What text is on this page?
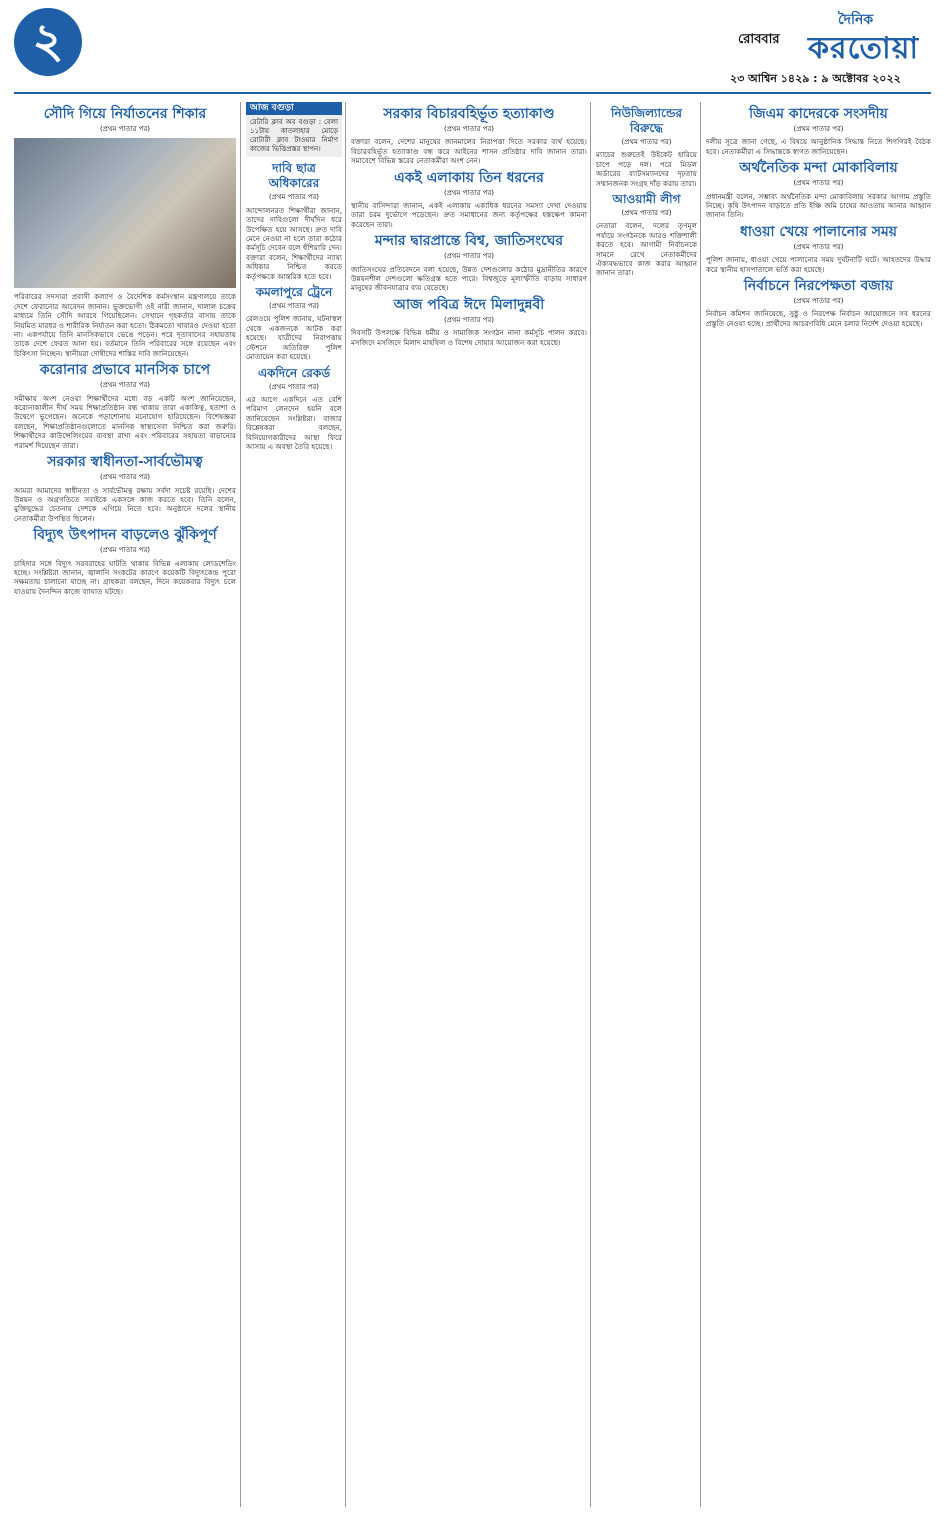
২	রোববার
দৈনিক
করতোয়া
২৩ আশ্বিন ১৪২৯ : ৯ অক্টোবর ২০২২
সৌদি গিয়ে নির্যাতনের শিকার
(প্রথম পাতার পর)

পরিবারের সদস্যরা প্রবাসী কল্যাণ ও বৈদেশিক কর্মসংস্থান মন্ত্রণালয়ে তাকে দেশে ফেরানোর আবেদন জানান। ভুক্তভোগী ওই নারী জানান, দালাল চক্রের মাধ্যমে তিনি সৌদি আরবে গিয়েছিলেন। সেখানে গৃহকর্তার বাসায় তাকে নিয়মিত মারধর ও শারীরিক নির্যাতন করা হতো। ঠিকমতো খাবারও দেওয়া হতো না। একপর্যায়ে তিনি মানসিকভাবে ভেঙে পড়েন। পরে দূতাবাসের সহায়তায় তাকে দেশে ফেরত আনা হয়। বর্তমানে তিনি পরিবারের সঙ্গে রয়েছেন এবং চিকিৎসা নিচ্ছেন। স্থানীয়রা দোষীদের শাস্তির দাবি জানিয়েছেন।

করোনার প্রভাবে মানসিক চাপে
(প্রথম পাতার পর)

সমীক্ষায় অংশ নেওয়া শিক্ষার্থীদের মধ্যে বড় একটি অংশ জানিয়েছেন, করোনাকালীন দীর্ঘ সময় শিক্ষাপ্রতিষ্ঠান বন্ধ থাকায় তারা একাকিত্ব, হতাশা ও উদ্বেগে ভুগেছেন। অনেকে পড়াশোনায় মনোযোগ হারিয়েছেন। বিশেষজ্ঞরা বলছেন, শিক্ষাপ্রতিষ্ঠানগুলোতে মানসিক স্বাস্থ্যসেবা নিশ্চিত করা জরুরি। শিক্ষার্থীদের কাউন্সেলিংয়ের ব্যবস্থা রাখা এবং পরিবারের সহায়তা বাড়ানোর পরামর্শ দিয়েছেন তারা।

সরকার স্বাধীনতা-সার্বভৌমত্ব
(প্রথম পাতার পর)

আমরা আমাদের স্বাধীনতা ও সার্বভৌমত্ব রক্ষায় সর্বদা সচেষ্ট রয়েছি। দেশের উন্নয়ন ও অগ্রগতিতে সবাইকে একসঙ্গে কাজ করতে হবে। তিনি বলেন, মুক্তিযুদ্ধের চেতনায় দেশকে এগিয়ে নিতে হবে। অনুষ্ঠানে দলের স্থানীয় নেতাকর্মীরা উপস্থিত ছিলেন।

বিদ্যুৎ উৎপাদন বাড়লেও ঝুঁকিপূর্ণ
(প্রথম পাতার পর)

চাহিদার সঙ্গে বিদ্যুৎ সরবরাহের ঘাটতি থাকায় বিভিন্ন এলাকায় লোডশেডিং হচ্ছে। সংশ্লিষ্টরা জানান, জ্বালানি সংকটের কারণে কয়েকটি বিদ্যুৎকেন্দ্র পুরো সক্ষমতায় চালানো যাচ্ছে না। গ্রাহকরা বলছেন, দিনে কয়েকবার বিদ্যুৎ চলে যাওয়ায় দৈনন্দিন কাজে ব্যাঘাত ঘটছে।

আজ বগুড়া
রেটারি ক্লাব অব বগুড়া : বেলা ১১টায় কাতলাহার মোড়ে রোটারী ক্লাব টাওয়ার নির্মাণ কাজের ভিত্তিপ্রস্তর স্থাপন।
দাবি ছাত্র অধিকারের
(প্রথম পাতার পর)

আন্দোলনরত শিক্ষার্থীরা জানান, তাদের দাবিগুলো দীর্ঘদিন ধরে উপেক্ষিত হয়ে আসছে। দ্রুত দাবি মেনে নেওয়া না হলে তারা কঠোর কর্মসূচি দেবেন বলে হুঁশিয়ারি দেন। বক্তারা বলেন, শিক্ষার্থীদের ন্যায্য অধিকার নিশ্চিত করতে কর্তৃপক্ষকে আন্তরিক হতে হবে।

কমলাপুরে ট্রেনে
(প্রথম পাতার পর)

রেলওয়ে পুলিশ জানায়, ঘটনাস্থল থেকে একজনকে আটক করা হয়েছে। যাত্রীদের নিরাপত্তায় স্টেশনে অতিরিক্ত পুলিশ মোতায়েন করা হয়েছে।

একদিনে রেকর্ড
(প্রথম পাতার পর)

এর আগে একদিনে এত বেশি পরিমাণ লেনদেন হয়নি বলে জানিয়েছেন সংশ্লিষ্টরা। বাজার বিশ্লেষকরা বলছেন, বিনিয়োগকারীদের আস্থা ফিরে আসায় এ অবস্থা তৈরি হয়েছে।

সরকার বিচারবহির্ভূত হত্যাকাণ্ড
(প্রথম পাতার পর)

বক্তারা বলেন, দেশের মানুষের জানমালের নিরাপত্তা দিতে সরকার ব্যর্থ হয়েছে। বিচারবহির্ভূত হত্যাকাণ্ড বন্ধ করে আইনের শাসন প্রতিষ্ঠার দাবি জানান তারা। সমাবেশে বিভিন্ন স্তরের নেতাকর্মীরা অংশ নেন।

একই এলাকায় তিন ধরনের
(প্রথম পাতার পর)

স্থানীয় বাসিন্দারা জানান, একই এলাকায় একাধিক ধরনের সমস্যা দেখা দেওয়ায় তারা চরম দুর্ভোগে পড়েছেন। দ্রুত সমাধানের জন্য কর্তৃপক্ষের হস্তক্ষেপ কামনা করেছেন তারা।

মন্দার দ্বারপ্রান্তে বিশ্ব, জাতিসংঘের
(প্রথম পাতার পর)

জাতিসংঘের প্রতিবেদনে বলা হয়েছে, উন্নত দেশগুলোর কঠোর মুদ্রানীতির কারণে উন্নয়নশীল দেশগুলো ক্ষতিগ্রস্ত হতে পারে। বিশ্বজুড়ে মূল্যস্ফীতি বাড়ায় সাধারণ মানুষের জীবনযাত্রার ব্যয় বেড়েছে।

আজ পবিত্র ঈদে মিলাদুন্নবী
(প্রথম পাতার পর)

দিবসটি উপলক্ষে বিভিন্ন ধর্মীয় ও সামাজিক সংগঠন নানা কর্মসূচি পালন করবে। মসজিদে মসজিদে মিলাদ মাহফিল ও বিশেষ দোয়ার আয়োজন করা হয়েছে।

নিউজিল্যান্ডের বিরুদ্ধে
(প্রথম পাতার পর)

ম্যাচের শুরুতেই উইকেট হারিয়ে চাপে পড়ে দল। পরে মিডল অর্ডারের ব্যাটসম্যানদের দৃঢ়তায় সম্মানজনক সংগ্রহ দাঁড় করায় তারা।

আওয়ামী লীগ
(প্রথম পাতার পর)

নেতারা বলেন, দলের তৃণমূল পর্যায়ে সংগঠনকে আরও শক্তিশালী করতে হবে। আগামী নির্বাচনকে সামনে রেখে নেতাকর্মীদের ঐক্যবদ্ধভাবে কাজ করার আহ্বান জানান তারা।

জিএম কাদেরকে সংসদীয়
(প্রথম পাতার পর)

দলীয় সূত্রে জানা গেছে, এ বিষয়ে আনুষ্ঠানিক সিদ্ধান্ত নিতে শিগগিরই বৈঠক হবে। নেতাকর্মীরা এ সিদ্ধান্তকে স্বাগত জানিয়েছেন।

অর্থনৈতিক মন্দা মোকাবিলায়
(প্রথম পাতার পর)

প্রধানমন্ত্রী বলেন, সম্ভাব্য অর্থনৈতিক মন্দা মোকাবিলায় সরকার আগাম প্রস্তুতি নিচ্ছে। কৃষি উৎপাদন বাড়াতে প্রতি ইঞ্চি জমি চাষের আওতায় আনার আহ্বান জানান তিনি।

ধাওয়া খেয়ে পালানোর সময়
(প্রথম পাতার পর)

পুলিশ জানায়, ধাওয়া খেয়ে পালানোর সময় দুর্ঘটনাটি ঘটে। আহতদের উদ্ধার করে স্থানীয় হাসপাতালে ভর্তি করা হয়েছে।

নির্বাচনে নিরপেক্ষতা বজায়
(প্রথম পাতার পর)

নির্বাচন কমিশন জানিয়েছে, সুষ্ঠু ও নিরপেক্ষ নির্বাচন আয়োজনে সব ধরনের প্রস্তুতি নেওয়া হচ্ছে। প্রার্থীদের আচরণবিধি মেনে চলার নির্দেশ দেওয়া হয়েছে।
